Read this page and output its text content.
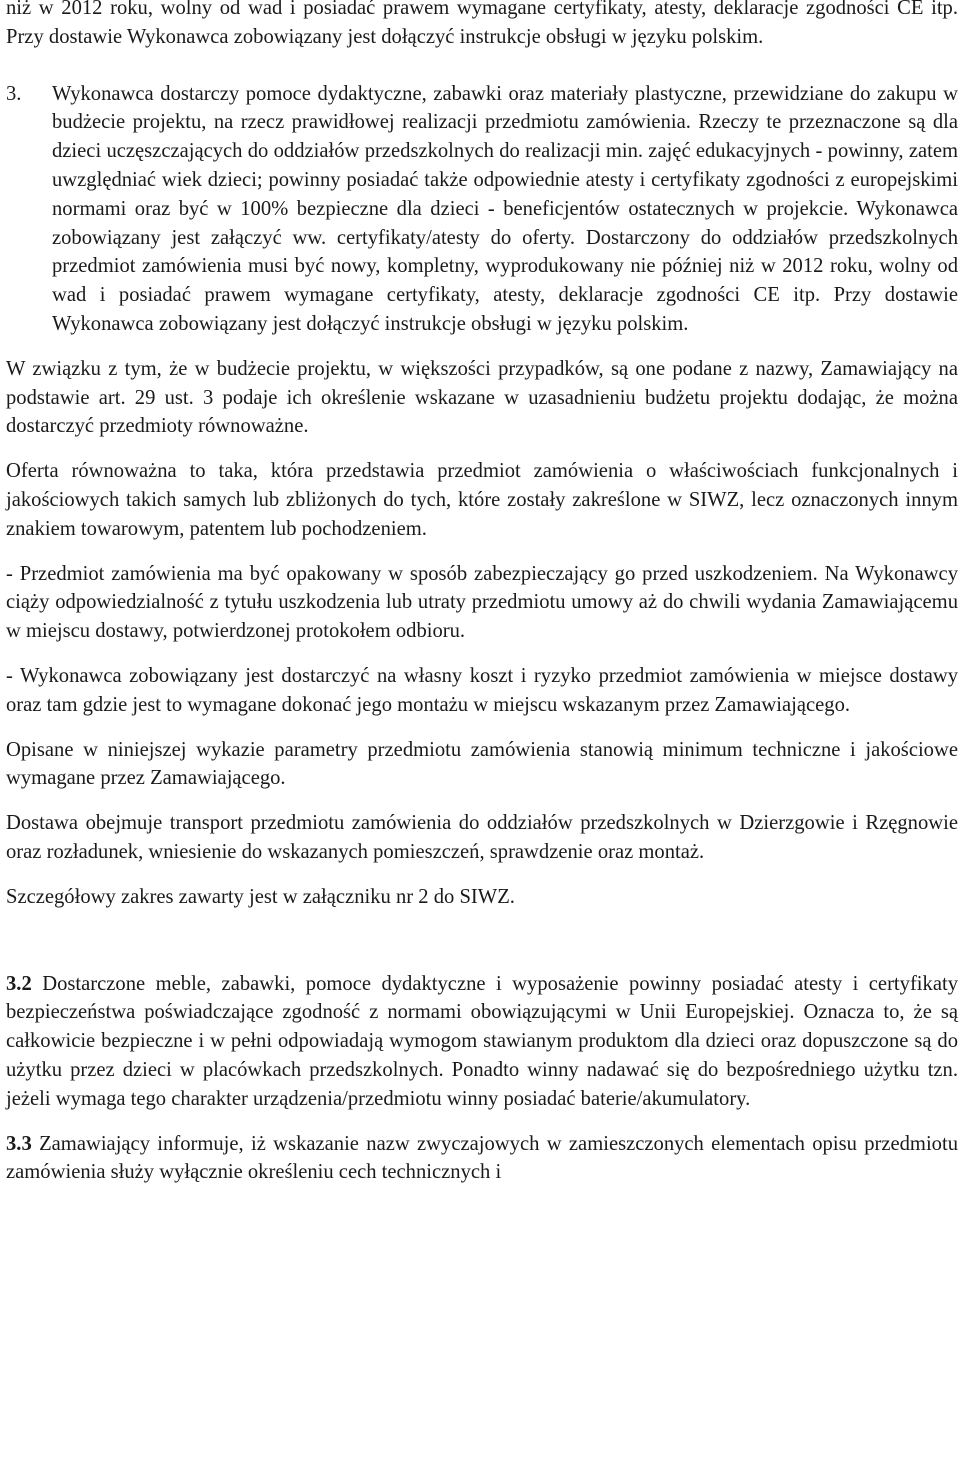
niż w 2012 roku, wolny od wad i posiadać prawem wymagane certyfikaty, atesty, deklaracje zgodności CE itp. Przy dostawie Wykonawca zobowiązany jest dołączyć instrukcje obsługi w języku polskim.

3. Wykonawca dostarczy pomoce dydaktyczne, zabawki oraz materiały plastyczne, przewidziane do zakupu w budżecie projektu, na rzecz prawidłowej realizacji przedmiotu zamówienia. Rzeczy te przeznaczone są dla dzieci uczęszczających do oddziałów przedszkolnych do realizacji min. zajęć edukacyjnych - powinny, zatem uwzględniać wiek dzieci; powinny posiadać także odpowiednie atesty i certyfikaty zgodności z europejskimi normami oraz być w 100% bezpieczne dla dzieci - beneficjentów ostatecznych w projekcie. Wykonawca zobowiązany jest załączyć ww. certyfikaty/atesty do oferty. Dostarczony do oddziałów przedszkolnych przedmiot zamówienia musi być nowy, kompletny, wyprodukowany nie później niż w 2012 roku, wolny od wad i posiadać prawem wymagane certyfikaty, atesty, deklaracje zgodności CE itp. Przy dostawie Wykonawca zobowiązany jest dołączyć instrukcje obsługi w języku polskim.

W związku z tym, że w budżecie projektu, w większości przypadków, są one podane z nazwy, Zamawiający na podstawie art. 29 ust. 3 podaje ich określenie wskazane w uzasadnieniu budżetu projektu dodając, że można dostarczyć przedmioty równoważne.

Oferta równoważna to taka, która przedstawia przedmiot zamówienia o właściwościach funkcjonalnych i jakościowych takich samych lub zbliżonych do tych, które zostały zakreślone w SIWZ, lecz oznaczonych innym znakiem towarowym, patentem lub pochodzeniem.

- Przedmiot zamówienia ma być opakowany w sposób zabezpieczający go przed uszkodzeniem. Na Wykonawcy ciąży odpowiedzialność z tytułu uszkodzenia lub utraty przedmiotu umowy aż do chwili wydania Zamawiającemu w miejscu dostawy, potwierdzonej protokołem odbioru.

- Wykonawca zobowiązany jest dostarczyć na własny koszt i ryzyko przedmiot zamówienia w miejsce dostawy oraz tam gdzie jest to wymagane dokonać jego montażu w miejscu wskazanym przez Zamawiającego.

Opisane w niniejszej wykazie parametry przedmiotu zamówienia stanowią minimum techniczne i jakościowe wymagane przez Zamawiającego.

Dostawa obejmuje transport przedmiotu zamówienia do oddziałów przedszkolnych w Dzierzgowie i Rzęgnowie oraz rozładunek, wniesienie do wskazanych pomieszczeń, sprawdzenie oraz montaż.

Szczegółowy zakres zawarty jest w załączniku nr 2 do SIWZ.

3.2 Dostarczone meble, zabawki, pomoce dydaktyczne i wyposażenie powinny posiadać atesty i certyfikaty bezpieczeństwa poświadczające zgodność z normami obowiązującymi w Unii Europejskiej. Oznacza to, że są całkowicie bezpieczne i w pełni odpowiadają wymogom stawianym produktom dla dzieci oraz dopuszczone są do użytku przez dzieci w placówkach przedszkolnych. Ponadto winny nadawać się do bezpośredniego użytku tzn. jeżeli wymaga tego charakter urządzenia/przedmiotu winny posiadać baterie/akumulatory.

3.3 Zamawiający informuje, iż wskazanie nazw zwyczajowych w zamieszczonych elementach opisu przedmiotu zamówienia służy wyłącznie określeniu cech technicznych i
